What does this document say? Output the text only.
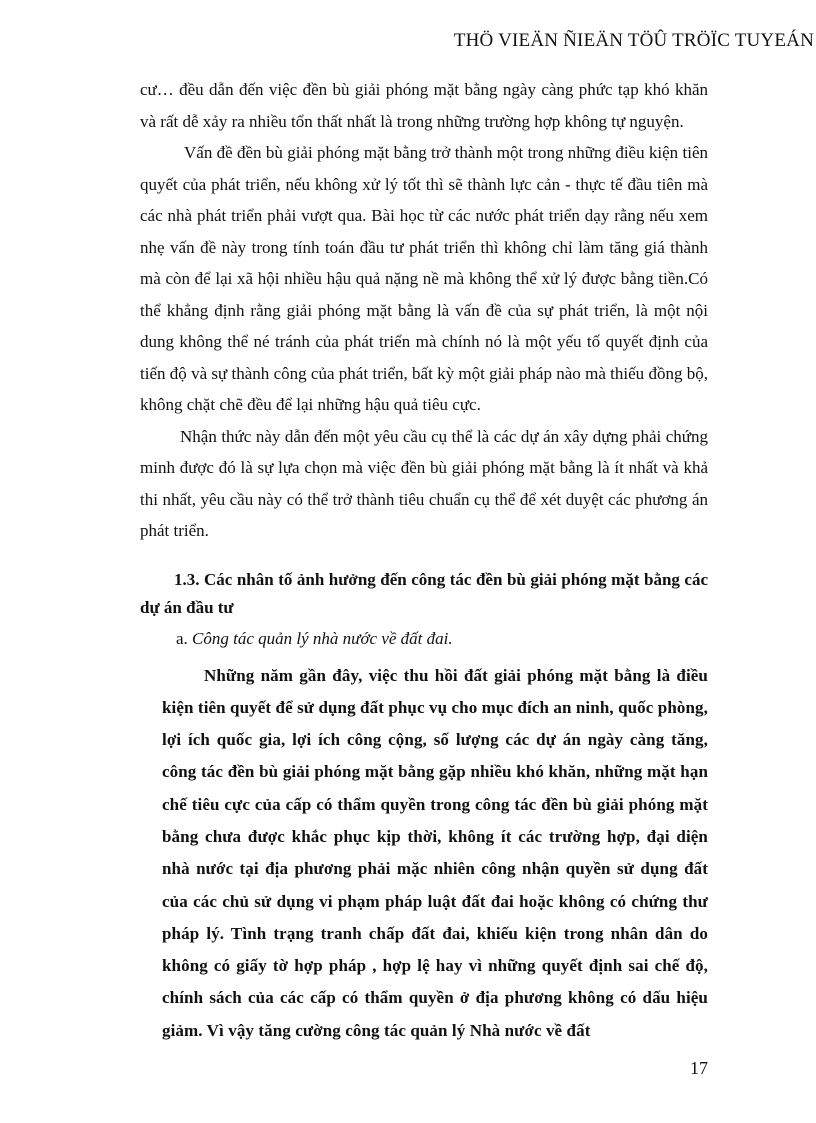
THÖ VIEÄN ÑIEÄN TÖÛ TRÖÏC TUYEÁN

cư… đều dẫn đến việc đền bù giải phóng mặt bằng ngày càng phức tạp khó khăn và rất dễ xảy ra nhiều tổn thất nhất là trong những trường hợp không tự nguyện.

Vấn đề đền bù giải phóng mặt bằng trở thành một trong những điều kiện tiên quyết của phát triển, nếu không xử lý tốt thì sẽ thành lực cản - thực tế đầu tiên mà các nhà phát triển phải vượt qua. Bài học từ các nước phát triển dạy rằng nếu xem nhẹ vấn đề này trong tính toán đầu tư phát triển thì không chỉ làm tăng giá thành mà còn để lại xã hội nhiều hậu quả nặng nề mà không thể xử lý được bằng tiền.Có thể khẳng định rằng giải phóng mặt bằng là vấn đề của sự phát triển, là một nội dung không thể né tránh của phát triển mà chính nó là một yếu tố quyết định của tiến độ và sự thành công của phát triển, bất kỳ một giải pháp nào mà thiếu đồng bộ, không chặt chẽ đều để lại những hậu quả tiêu cực.

Nhận thức này dẫn đến một yêu cầu cụ thể là các dự án xây dựng phải chứng minh được đó là sự lựa chọn mà việc đền bù giải phóng mặt bằng là ít nhất và khả thi nhất, yêu cầu này có thể trở thành tiêu chuẩn cụ thể để xét duyệt các phương án phát triển.

1.3. Các nhân tố ảnh hưởng đến công tác đền bù giải phóng mặt bằng các dự án đầu tư

a. Công tác quản lý nhà nước về đất đai.

Những năm gần đây, việc thu hồi đất giải phóng mặt bằng là điều kiện tiên quyết để sử dụng đất phục vụ cho mục đích an ninh, quốc phòng, lợi ích quốc gia, lợi ích công cộng, số lượng các dự án ngày càng tăng, công tác đền bù giải phóng mặt bằng gặp nhiều khó khăn, những mặt hạn chế tiêu cực của cấp có thẩm quyền trong công tác đền bù giải phóng mặt bằng chưa được khắc phục kịp thời, không ít các trường hợp, đại diện nhà nước tại địa phương phải mặc nhiên công nhận quyền sử dụng đất của các chủ sử dụng vi phạm pháp luật đất đai hoặc không có chứng thư pháp lý. Tình trạng tranh chấp đất đai, khiếu kiện trong nhân dân do không có giấy tờ hợp pháp , hợp lệ hay vì những quyết định sai chế độ, chính sách của các cấp có thẩm quyền ở địa phương không có dấu hiệu giảm. Vì vậy tăng cường công tác quản lý Nhà nước về đất

17
